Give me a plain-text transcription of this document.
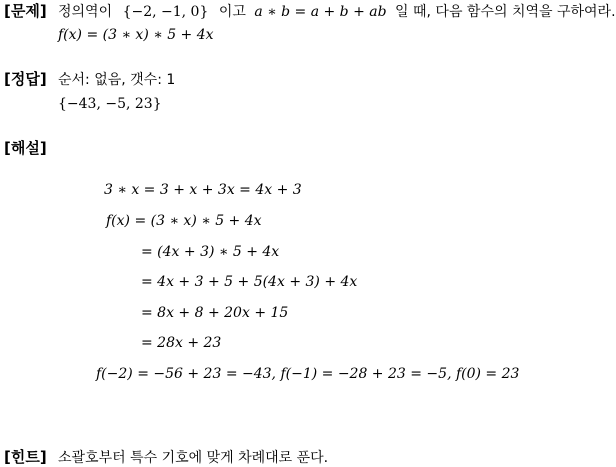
[문제] 정의역이 {−2, −1, 0} 이고 a ∗ b = a + b + ab 일 때, 다음 함수의 치역을 구하여라.
f(x) = (3 ∗ x) ∗ 5 + 4x
[정답] 순서: 없음, 갯수: 1
{−43, −5, 23}
[해설]
3 ∗ x = 3 + x + 3x = 4x + 3
f(x) = (3 ∗ x) ∗ 5 + 4x
= (4x + 3) ∗ 5 + 4x
= 4x + 3 + 5 + 5(4x + 3) + 4x
= 8x + 8 + 20x + 15
= 28x + 23
f(−2) = −56 + 23 = −43, f(−1) = −28 + 23 = −5, f(0) = 23
[힌트] 소괄호부터 특수 기호에 맞게 차례대로 푼다.
